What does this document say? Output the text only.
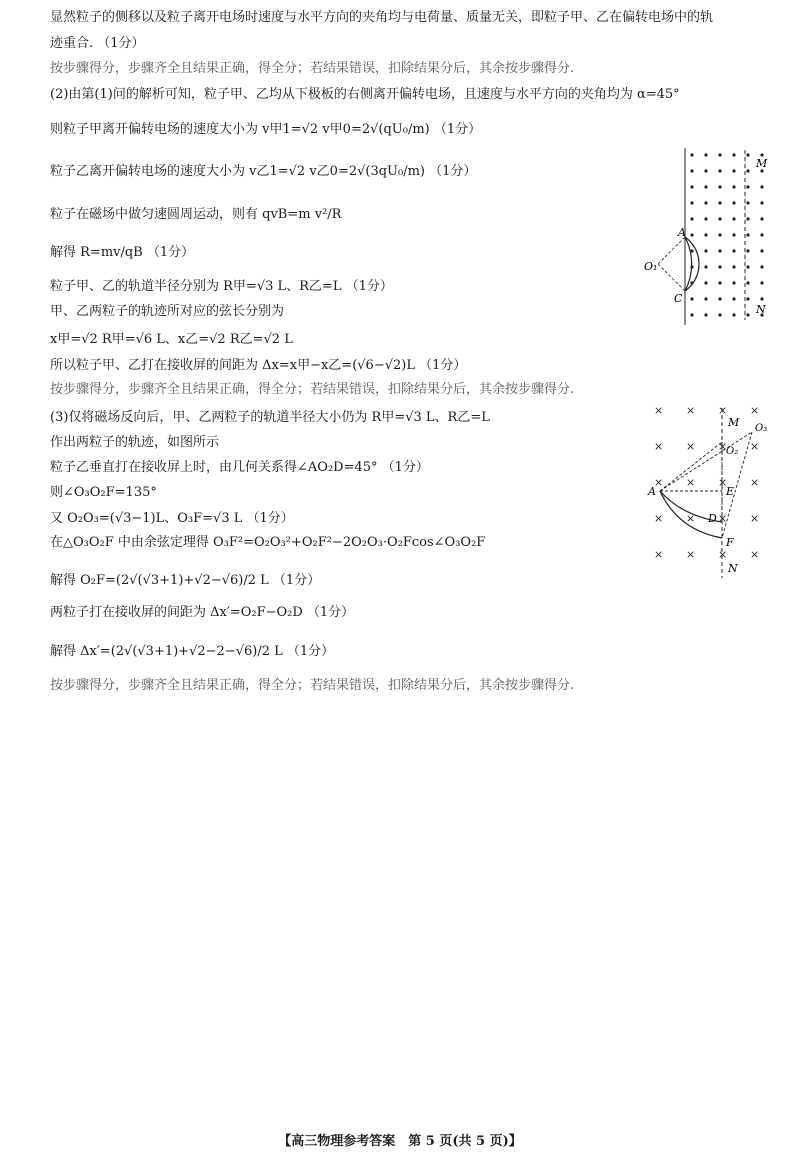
显然粒子的侧移以及粒子离开电场时速度与水平方向的夹角均与电荷量、质量无关，即粒子甲、乙在偏转电场中的轨
迹重合. （1分）
按步骤得分，步骤齐全且结果正确，得全分；若结果错误，扣除结果分后，其余按步骤得分.
(2)由第(1)问的解析可知，粒子甲、乙均从下极板的右侧离开偏转电场，且速度与水平方向的夹角均为 α=45°
则粒子甲离开偏转电场的速度大小为 v甲1=√2 v甲0=2√(qU₀/m) （1分）
粒子乙离开偏转电场的速度大小为 v乙1=√2 v乙0=2√(3qU₀/m) （1分）
粒子在磁场中做匀速圆周运动，则有 qvB=m v²/R
解得 R=mv/qB （1分）
粒子甲、乙的轨道半径分别为 R甲=√3 L、R乙=L （1分）
甲、乙两粒子的轨迹所对应的弦长分别为
x甲=√2 R甲=√6 L、x乙=√2 R乙=√2 L
所以粒子甲、乙打在接收屏的间距为 Δx=x甲−x乙=(√6−√2)L （1分）
按步骤得分，步骤齐全且结果正确，得全分；若结果错误，扣除结果分后，其余按步骤得分.
(3)仅将磁场反向后，甲、乙两粒子的轨道半径大小仍为 R甲=√3 L、R乙=L
作出两粒子的轨迹，如图所示
粒子乙垂直打在接收屏上时，由几何关系得∠AO₂D=45° （1分）
则∠O₃O₂F=135°
又 O₂O₃=(√3−1)L、O₃F=√3 L （1分）
在△O₃O₂F 中由余弦定理得 O₃F²=O₂O₃²+O₂F²−2O₂O₃·O₂Fcos∠O₃O₂F
解得 O₂F=(2√(√3+1)+√2−√6)/2 L （1分）
两粒子打在接收屏的间距为 Δx′=O₂F−O₂D （1分）
解得 Δx′=(2√(√3+1)+√2−2−√6)/2 L （1分）
按步骤得分，步骤齐全且结果正确，得全分；若结果错误，扣除结果分后，其余按步骤得分.
M
N
A
C
O₁
×
×
×
×
×
×
×
×
×
×
×
×
×
×
×
×
×
×
×
×
M O₃
O₂
A	E
D
F
N
【高三物理参考答案　第 5 页(共 5 页)】
